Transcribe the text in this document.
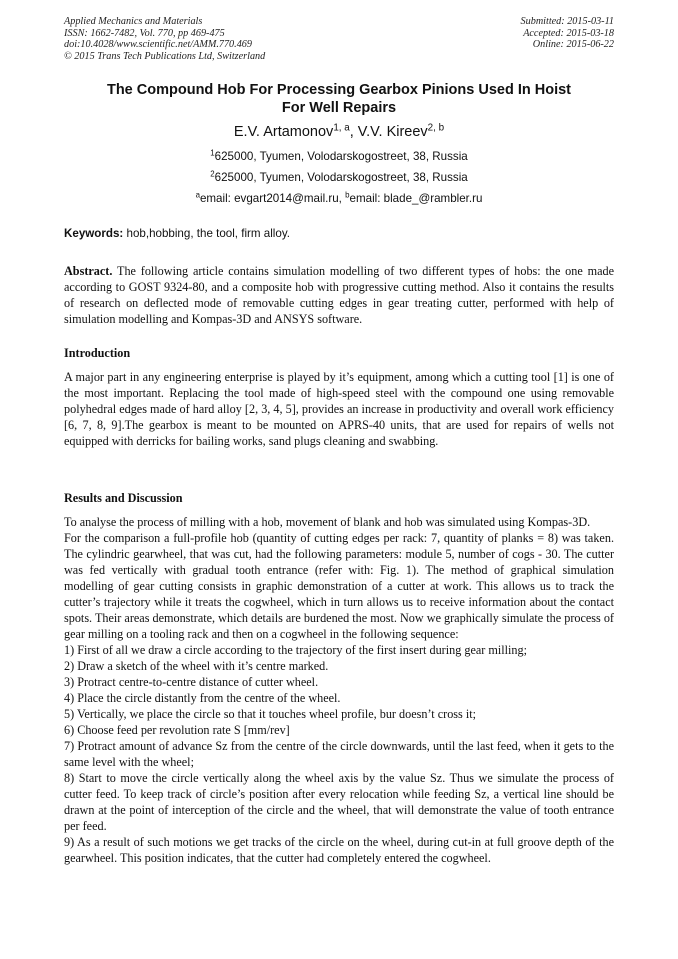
Applied Mechanics and Materials
ISSN: 1662-7482, Vol. 770, pp 469-475
doi:10.4028/www.scientific.net/AMM.770.469
© 2015 Trans Tech Publications Ltd, Switzerland
Submitted: 2015-03-11
Accepted: 2015-03-18
Online: 2015-06-22
The Compound Hob For Processing Gearbox Pinions Used In Hoist
For Well Repairs
E.V. Artamonov$^{1, a}$, V.V. Kireev$^{2, b}$
$^1$625000, Tyumen, Volodarskogostreet, 38, Russia
$^2$625000, Tyumen, Volodarskogostreet, 38, Russia
$^a$email: evgart2014@mail.ru, $^b$email: blade_@rambler.ru
Keywords: hob,hobbing, the tool, firm alloy.

Abstract. The following article contains simulation modelling of two different types of hobs: the one made according to GOST 9324-80, and a composite hob with progressive cutting method. Also it contains the results of research on deflected mode of removable cutting edges in gear treating cutter, performed with help of simulation modelling and Kompas-3D and ANSYS software.

Introduction

A major part in any engineering enterprise is played by it’s equipment, among which a cutting tool [1] is one of the most important. Replacing the tool made of high-speed steel with the compound one using removable polyhedral edges made of hard alloy [2, 3, 4, 5], provides an increase in productivity and overall work efficiency [6, 7, 8, 9].The gearbox is meant to be mounted on APRS-40 units, that are used for repairs of wells not equipped with derricks for bailing works, sand plugs cleaning and swabbing.

Results and Discussion

To analyse the process of milling with a hob, movement of blank and hob was simulated using Kompas-3D.

For the comparison a full-profile hob (quantity of cutting edges per rack: 7, quantity of planks = 8) was taken. The cylindric gearwheel, that was cut, had the following parameters: module 5, number of cogs - 30. The cutter was fed vertically with gradual tooth entrance (refer with: Fig. 1). The method of graphical simulation modelling of gear cutting consists in graphic demonstration of a cutter at work. This allows us to track the cutter’s trajectory while it treats the cogwheel, which in turn allows us to receive information about the contact spots. Their areas demonstrate, which details are burdened the most. Now we graphically simulate the process of gear milling on a tooling rack and then on a cogwheel in the following sequence:

1) First of all we draw a circle according to the trajectory of the first insert during gear milling;

2) Draw a sketch of the wheel with it’s centre marked.

3) Protract centre-to-centre distance of cutter wheel.

4) Place the circle distantly from the centre of the wheel.

5) Vertically, we place the circle so that it touches wheel profile, bur doesn’t cross it;

6) Choose feed per revolution rate S [mm/rev]

7) Protract amount of advance Sz from the centre of the circle downwards, until the last feed, when it gets to the same level with the wheel;

8) Start to move the circle vertically along the wheel axis by the value Sz. Thus we simulate the process of cutter feed. To keep track of circle’s position after every relocation while feeding Sz, a vertical line should be drawn at the point of interception of the circle and the wheel, that will demonstrate the value of tooth entrance per feed.

9) As a result of such motions we get tracks of the circle on the wheel, during cut-in at full groove depth of the gearwheel. This position indicates, that the cutter had completely entered the cogwheel.
